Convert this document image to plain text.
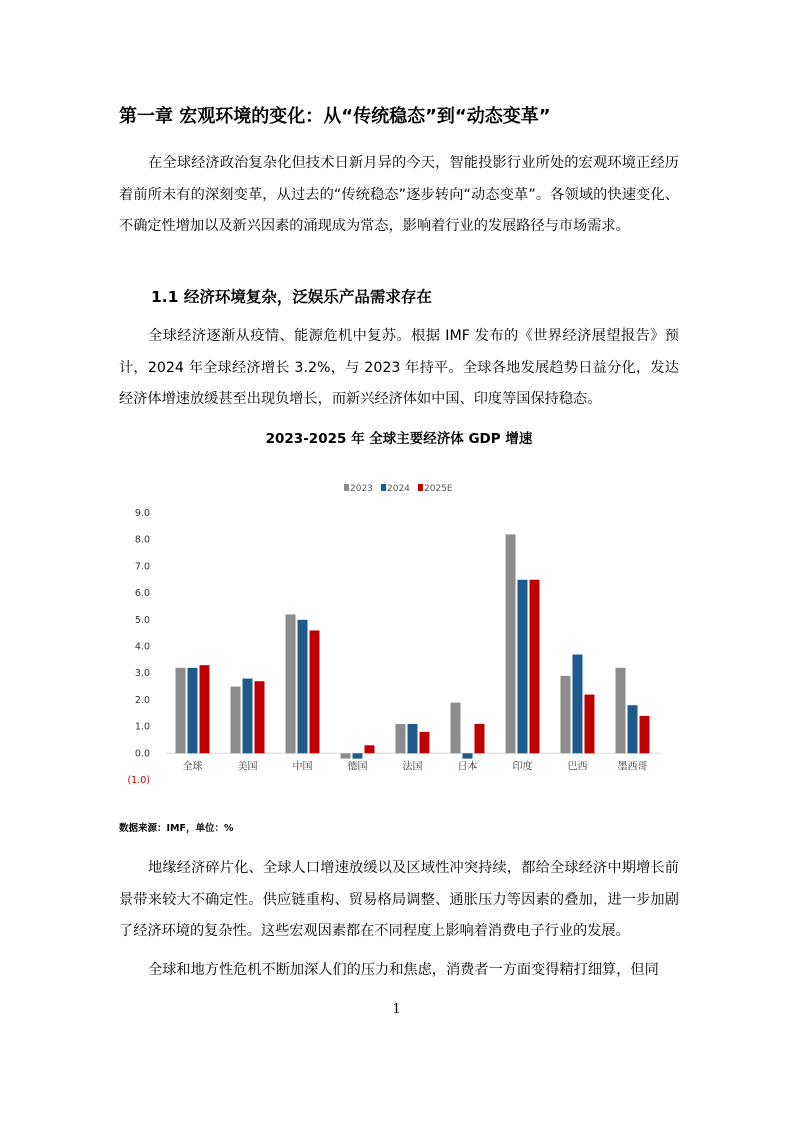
第一章 宏观环境的变化：从“传统稳态”到“动态变革”

在全球经济政治复杂化但技术日新月异的今天，智能投影行业所处的宏观环境正经历着前所未有的深刻变革，从过去的“传统稳态”逐步转向“动态变革”。各领域的快速变化、不确定性增加以及新兴因素的涌现成为常态，影响着行业的发展路径与市场需求。

1.1 经济环境复杂，泛娱乐产品需求存在

全球经济逐渐从疫情、能源危机中复苏。根据 IMF 发布的《世界经济展望报告》预计，2024 年全球经济增长 3.2%，与 2023 年持平。全球各地发展趋势日益分化，发达经济体增速放缓甚至出现负增长，而新兴经济体如中国、印度等国保持稳态。

2023-2025 年 全球主要经济体 GDP 增速
2023 2024 2025E
(1.0)
0.0
1.0
2.0
3.0
4.0
5.0
6.0
7.0
8.0
9.0
全球	美国	中国	德国	法国	日本	印度	巴西	墨西哥
数据来源：IMF，单位：%

地缘经济碎片化、全球人口增速放缓以及区域性冲突持续，都给全球经济中期增长前景带来较大不确定性。供应链重构、贸易格局调整、通胀压力等因素的叠加，进一步加剧了经济环境的复杂性。这些宏观因素都在不同程度上影响着消费电子行业的发展。

全球和地方性危机不断加深人们的压力和焦虑，消费者一方面变得精打细算，但同

1
